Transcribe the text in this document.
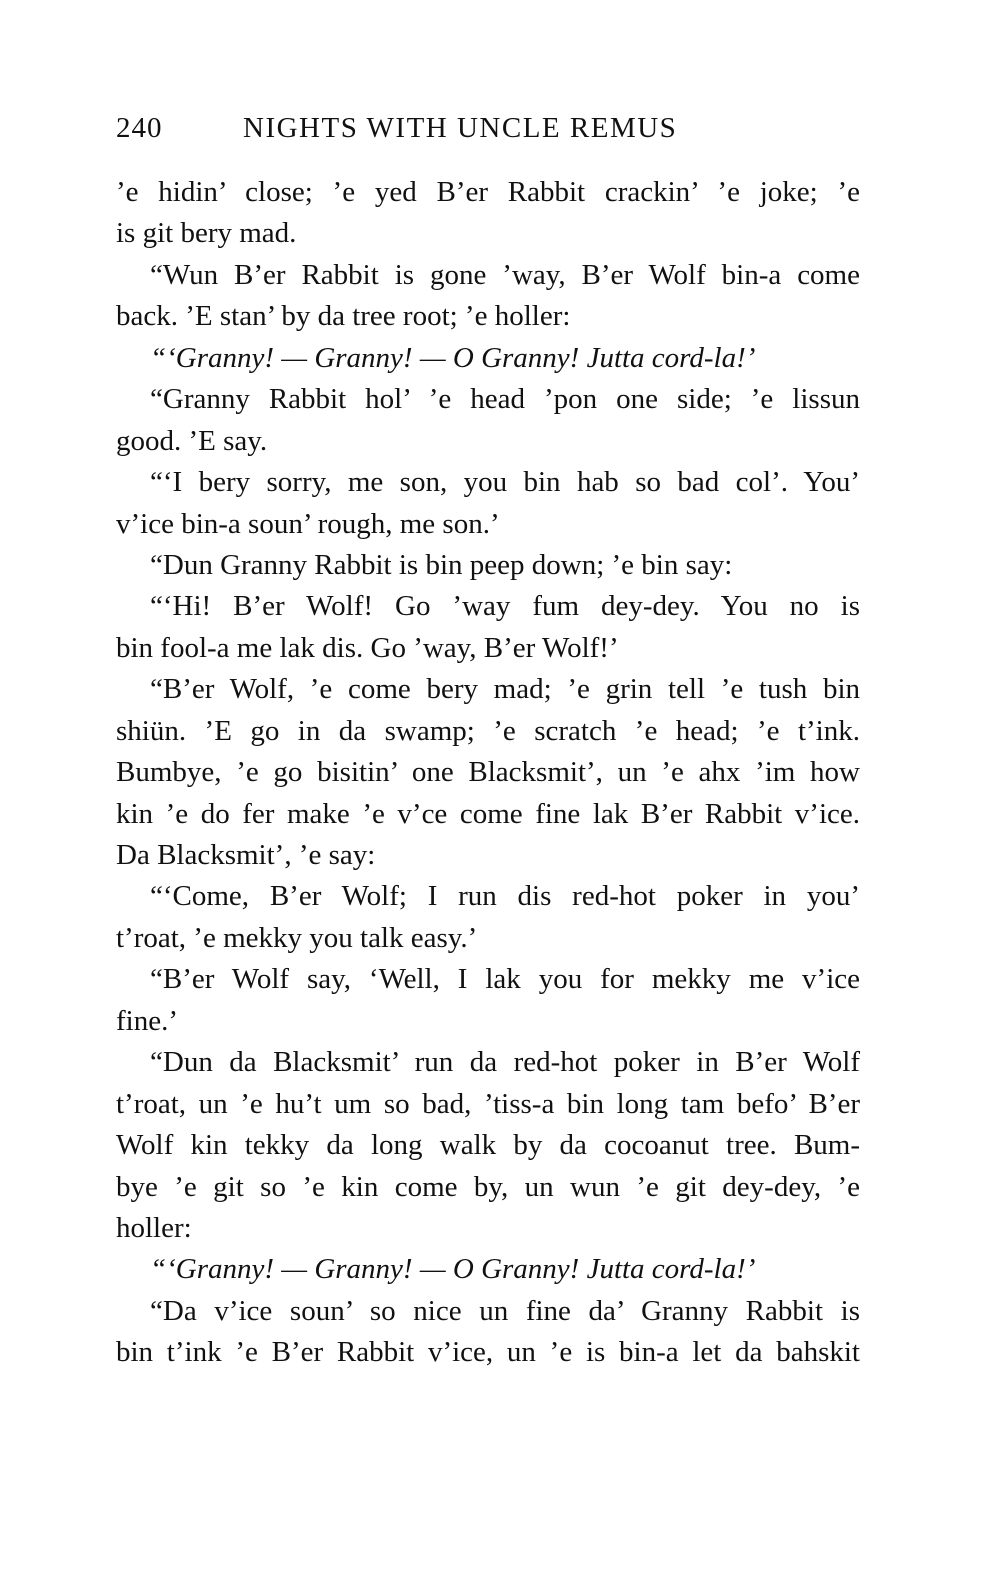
240	NIGHTS WITH UNCLE REMUS
’e hidin’ close; ’e yed B’er Rabbit crackin’ ’e joke; ’e
is git bery mad.
“Wun B’er Rabbit is gone ’way, B’er Wolf bin-a come
back. ’E stan’ by da tree root; ’e holler:
“‘Granny! — Granny! — O Granny! Jutta cord-la!’
“Granny Rabbit hol’ ’e head ’pon one side; ’e lissun
good. ’E say.
“‘I bery sorry, me son, you bin hab so bad col’. You’
v’ice bin-a soun’ rough, me son.’
“Dun Granny Rabbit is bin peep down; ’e bin say:
“‘Hi! B’er Wolf! Go ’way fum dey-dey. You no is
bin fool-a me lak dis. Go ’way, B’er Wolf!’
“B’er Wolf, ’e come bery mad; ’e grin tell ’e tush bin
shiün. ’E go in da swamp; ’e scratch ’e head; ’e t’ink.
Bumbye, ’e go bisitin’ one Blacksmit’, un ’e ahx ’im how
kin ’e do fer make ’e v’ce come fine lak B’er Rabbit v’ice.
Da Blacksmit’, ’e say:
“‘Come, B’er Wolf; I run dis red-hot poker in you’
t’roat, ’e mekky you talk easy.’
“B’er Wolf say, ‘Well, I lak you for mekky me v’ice
fine.’
“Dun da Blacksmit’ run da red-hot poker in B’er Wolf
t’roat, un ’e hu’t um so bad, ’tiss-a bin long tam befo’ B’er
Wolf kin tekky da long walk by da cocoanut tree. Bum-
bye ’e git so ’e kin come by, un wun ’e git dey-dey, ’e
holler:
“‘Granny! — Granny! — O Granny! Jutta cord-la!’
“Da v’ice soun’ so nice un fine da’ Granny Rabbit is
bin t’ink ’e B’er Rabbit v’ice, un ’e is bin-a let da bahskit
